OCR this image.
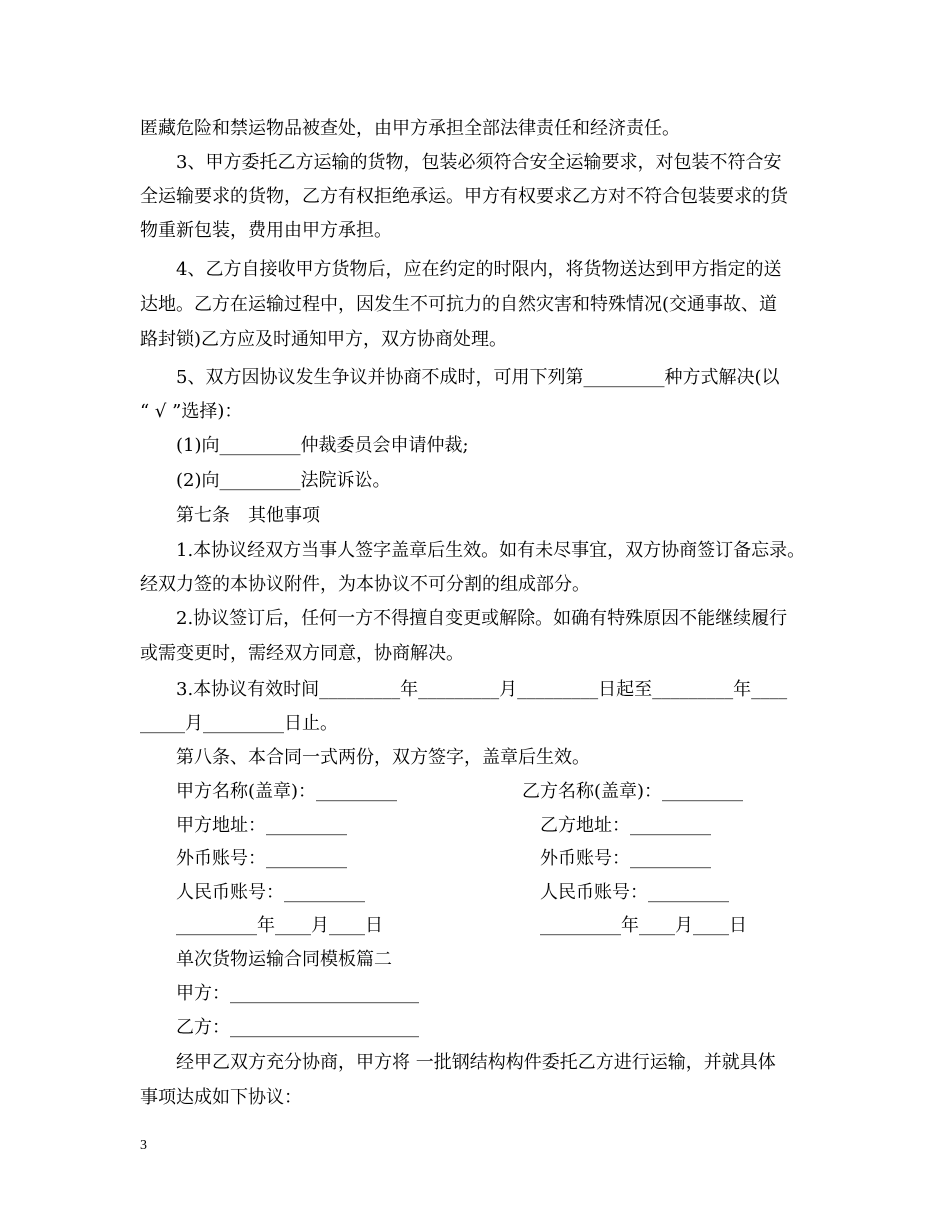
匿藏危险和禁运物品被查处，由甲方承担全部法律责任和经济责任。
3、甲方委托乙方运输的货物，包装必须符合安全运输要求，对包装不符合安
全运输要求的货物，乙方有权拒绝承运。甲方有权要求乙方对不符合包装要求的货
物重新包装，费用由甲方承担。
4、乙方自接收甲方货物后，应在约定的时限内，将货物送达到甲方指定的送
达地。乙方在运输过程中，因发生不可抗力的自然灾害和特殊情况(交通事故、道
路封锁)乙方应及时通知甲方，双方协商处理。
5、双方因协议发生争议并协商不成时，可用下列第_________种方式解决(以
“ √ ”选择)：
(1)向_________仲裁委员会申请仲裁;
(2)向_________法院诉讼。
第七条　其他事项
1.本协议经双方当事人签字盖章后生效。如有未尽事宜，双方协商签订备忘录。
经双力签的本协议附件，为本协议不可分割的组成部分。
2.协议签订后，任何一方不得擅自变更或解除。如确有特殊原因不能继续履行
或需变更时，需经双方同意，协商解决。
3.本协议有效时间_________年_________月_________日起至_________年____
_____月_________日止。
第八条、本合同一式两份，双方签字，盖章后生效。
甲方名称(盖章)：_________	乙方名称(盖章)：_________
甲方地址：_________	乙方地址：_________
外币账号：_________	外币账号：_________
人民币账号：_________	人民币账号：_________
_________年____月____日	_________年____月____日
单次货物运输合同模板篇二
甲方：_____________________
乙方：_____________________
经甲乙双方充分协商，甲方将 一批钢结构构件委托乙方进行运输，并就具体
事项达成如下协议：
3
